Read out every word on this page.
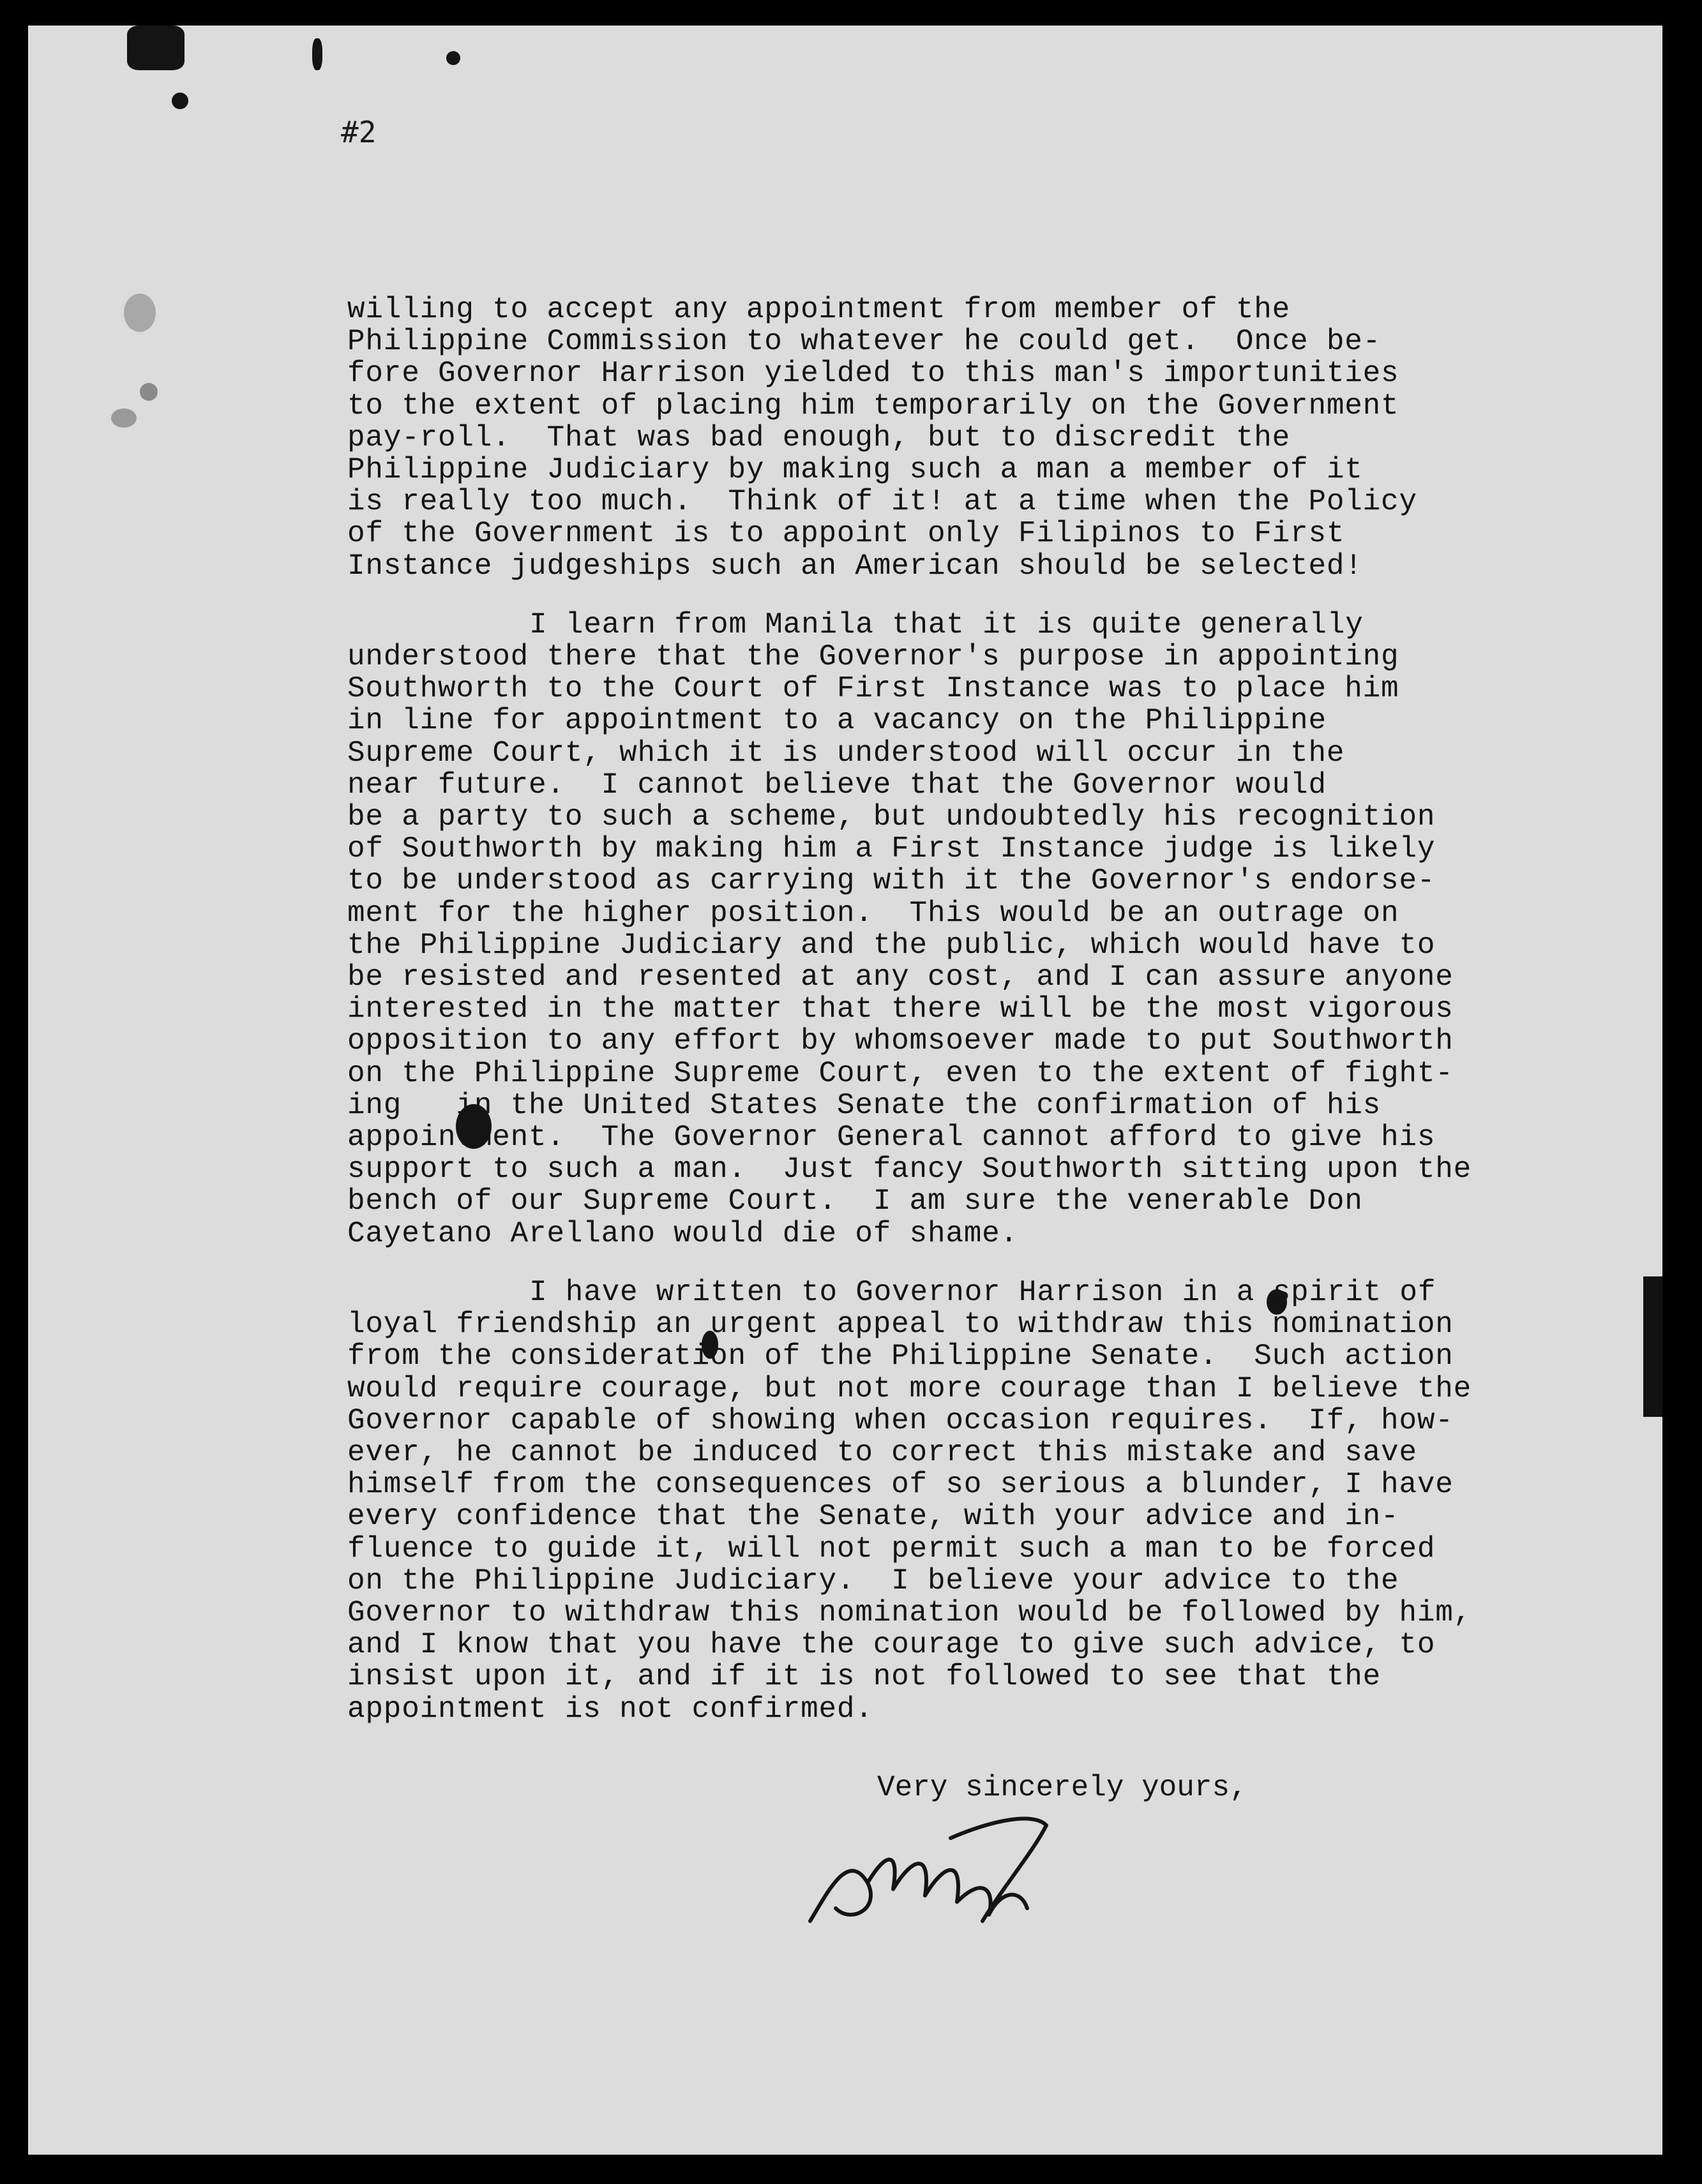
#2

willing to accept any appointment from member of the
Philippine Commission to whatever he could get.  Once be-
fore Governor Harrison yielded to this man's importunities
to the extent of placing him temporarily on the Government
pay-roll.  That was bad enough, but to discredit the
Philippine Judiciary by making such a man a member of it
is really too much.  Think of it! at a time when the Policy
of the Government is to appoint only Filipinos to First
Instance judgeships such an American should be selected!
I learn from Manila that it is quite generally
understood there that the Governor's purpose in appointing
Southworth to the Court of First Instance was to place him
in line for appointment to a vacancy on the Philippine
Supreme Court, which it is understood will occur in the
near future.  I cannot believe that the Governor would
be a party to such a scheme, but undoubtedly his recognition
of Southworth by making him a First Instance judge is likely
to be understood as carrying with it the Governor's endorse-
ment for the higher position.  This would be an outrage on
the Philippine Judiciary and the public, which would have to
be resisted and resented at any cost, and I can assure anyone
interested in the matter that there will be the most vigorous
opposition to any effort by whomsoever made to put Southworth
on the Philippine Supreme Court, even to the extent of fight-
ing   in the United States Senate the confirmation of his
appointment.  The Governor General cannot afford to give his
support to such a man.  Just fancy Southworth sitting upon the
bench of our Supreme Court.  I am sure the venerable Don
Cayetano Arellano would die of shame.
I have written to Governor Harrison in a spirit of
loyal friendship an urgent appeal to withdraw this nomination
from the consideration of the Philippine Senate.  Such action
would require courage, but not more courage than I believe the
Governor capable of showing when occasion requires.  If, how-
ever, he cannot be induced to correct this mistake and save
himself from the consequences of so serious a blunder, I have
every confidence that the Senate, with your advice and in-
fluence to guide it, will not permit such a man to be forced
on the Philippine Judiciary.  I believe your advice to the
Governor to withdraw this nomination would be followed by him,
and I know that you have the courage to give such advice, to
insist upon it, and if it is not followed to see that the
appointment is not confirmed.

Very sincerely yours,
